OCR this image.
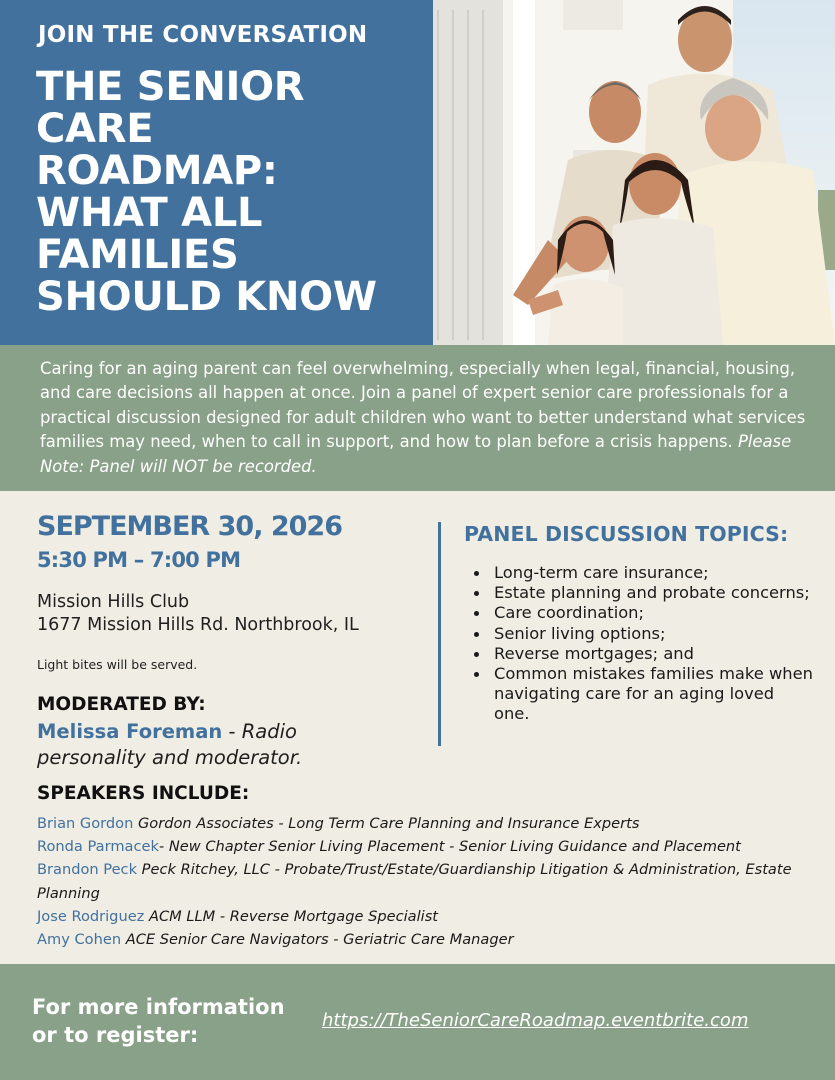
JOIN THE CONVERSATION
THE SENIOR
CARE
ROADMAP:
WHAT ALL
FAMILIES
SHOULD KNOW

Caring for an aging parent can feel overwhelming, especially when legal, financial, housing, and care decisions all happen at once. Join a panel of expert senior care professionals for a practical discussion designed for adult children who want to better understand what services families may need, when to call in support, and how to plan before a crisis happens. Please Note: Panel will NOT be recorded.

SEPTEMBER 30, 2026
5:30 PM – 7:00 PM
Mission Hills Club
1677 Mission Hills Rd. Northbrook, IL
Light bites will be served.
MODERATED BY:
Melissa Foreman - Radio personality and moderator.
PANEL DISCUSSION TOPICS:
Long-term care insurance;
Estate planning and probate concerns;
Care coordination;
Senior living options;
Reverse mortgages; and
Common mistakes families make when navigating care for an aging loved one.
SPEAKERS INCLUDE:
Brian Gordon Gordon Associates - Long Term Care Planning and Insurance Experts
Ronda Parmacek- New Chapter Senior Living Placement - Senior Living Guidance and Placement
Brandon Peck Peck Ritchey, LLC - Probate/Trust/Estate/Guardianship Litigation & Administration, Estate Planning
Jose Rodriguez ACM LLM - Reverse Mortgage Specialist
Amy Cohen ACE Senior Care Navigators - Geriatric Care Manager
For more information or to register:
https://TheSeniorCareRoadmap.eventbrite.com
